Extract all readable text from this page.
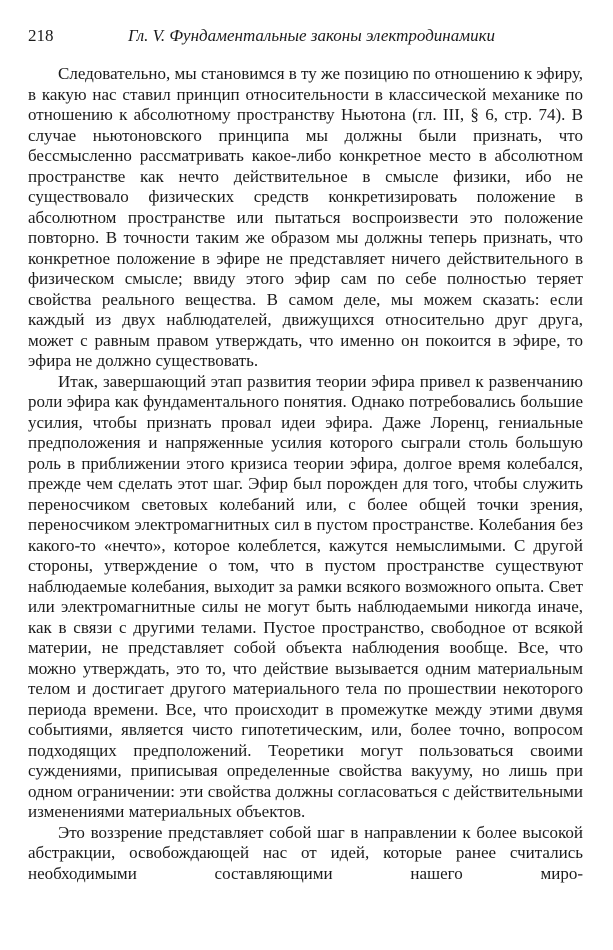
218	Гл. V. Фундаментальные законы электродинамики

Следовательно, мы становимся в ту же позицию по отношению к эфиру, в какую нас ставил принцип относительности в классической механике по отношению к абсолютному пространству Ньютона (гл. III, § 6, стр. 74). В случае ньютоновского принципа мы должны были признать, что бессмысленно рассматривать какое-либо конкретное место в абсолютном пространстве как нечто действительное в смысле физики, ибо не существовало физических средств конкретизировать положение в абсолютном пространстве или пытаться воспроизвести это положение повторно. В точности таким же образом мы должны теперь признать, что конкретное положение в эфире не представляет ничего действительного в физическом смысле; ввиду этого эфир сам по себе полностью теряет свойства реального вещества. В самом деле, мы можем сказать: если каждый из двух наблюдателей, движущихся относительно друг друга, может с равным правом утверждать, что именно он покоится в эфире, то эфира не должно существовать.

Итак, завершающий этап развития теории эфира привел к развенчанию роли эфира как фундаментального понятия. Однако потребовались большие усилия, чтобы признать провал идеи эфира. Даже Лоренц, гениальные предположения и напряженные усилия которого сыграли столь большую роль в приближении этого кризиса теории эфира, долгое время колебался, прежде чем сделать этот шаг. Эфир был порожден для того, чтобы служить переносчиком световых колебаний или, с более общей точки зрения, переносчиком электромагнитных сил в пустом пространстве. Колебания без какого-то «нечто», которое колеблется, кажутся немыслимыми. С другой стороны, утверждение о том, что в пустом пространстве существуют наблюдаемые колебания, выходит за рамки всякого возможного опыта. Свет или электромагнитные силы не могут быть наблюдаемыми никогда иначе, как в связи с другими телами. Пустое пространство, свободное от всякой материи, не представляет собой объекта наблюдения вообще. Все, что можно утверждать, это то, что действие вызывается одним материальным телом и достигает другого материального тела по прошествии некоторого периода времени. Все, что происходит в промежутке между этими двумя событиями, является чисто гипотетическим, или, более точно, вопросом подходящих предположений. Теоретики могут пользоваться своими суждениями, приписывая определенные свойства вакууму, но лишь при одном ограничении: эти свойства должны согласоваться с действительными изменениями материальных объектов.

Это воззрение представляет собой шаг в направлении к более высокой абстракции, освобождающей нас от идей, которые ранее считались необходимыми составляющими нашего миро-
